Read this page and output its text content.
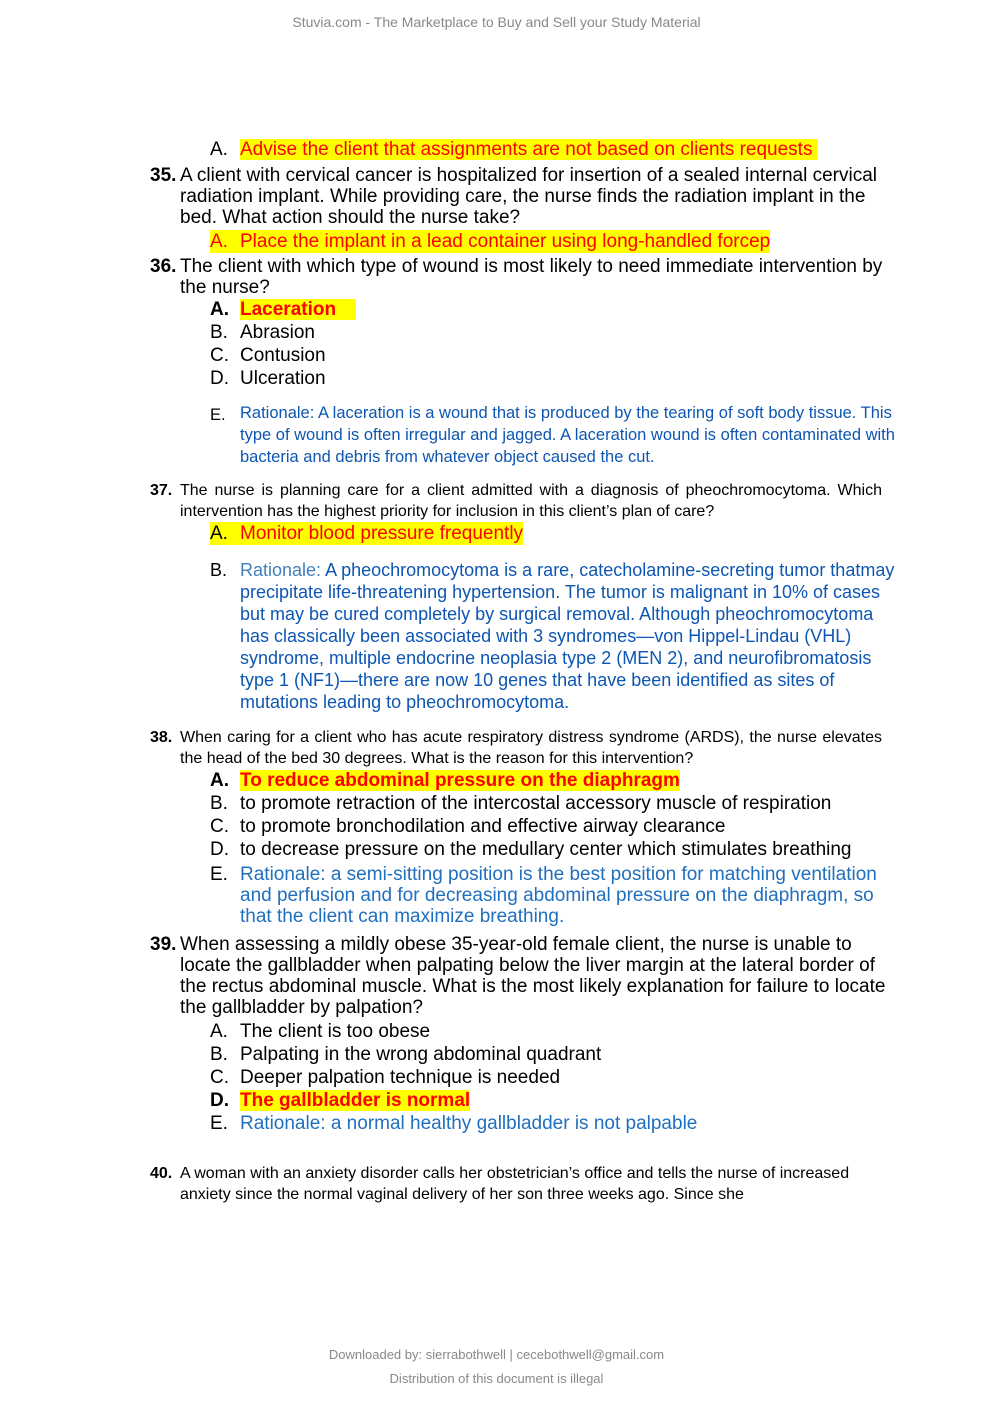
Stuvia.com - The Marketplace to Buy and Sell your Study Material
A. Advise the client that assignments are not based on clients requests
35. A client with cervical cancer is hospitalized for insertion of a sealed internal cervical radiation implant. While providing care, the nurse finds the radiation implant in the bed. What action should the nurse take?
A. Place the implant in a lead container using long-handled forcep
36. The client with which type of wound is most likely to need immediate intervention by the nurse?
A. Laceration
B. Abrasion
C. Contusion
D. Ulceration
E. Rationale: A laceration is a wound that is produced by the tearing of soft body tissue. This type of wound is often irregular and jagged. A laceration wound is often contaminated with bacteria and debris from whatever object caused the cut.
37. The nurse is planning care for a client admitted with a diagnosis of pheochromocytoma. Which intervention has the highest priority for inclusion in this client’s plan of care?
A. Monitor blood pressure frequently
B. Rationale: A pheochromocytoma is a rare, catecholamine-secreting tumor thatmay precipitate life-threatening hypertension. The tumor is malignant in 10% of cases but may be cured completely by surgical removal. Although pheochromocytoma has classically been associated with 3 syndromes—von Hippel-Lindau (VHL) syndrome, multiple endocrine neoplasia type 2 (MEN 2), and neurofibromatosis type 1 (NF1)—there are now 10 genes that have been identified as sites of mutations leading to pheochromocytoma.
38. When caring for a client who has acute respiratory distress syndrome (ARDS), the nurse elevates the head of the bed 30 degrees. What is the reason for this intervention?
A. To reduce abdominal pressure on the diaphragm
B. to promote retraction of the intercostal accessory muscle of respiration
C. to promote bronchodilation and effective airway clearance
D. to decrease pressure on the medullary center which stimulates breathing
E. Rationale: a semi-sitting position is the best position for matching ventilation and perfusion and for decreasing abdominal pressure on the diaphragm, so that the client can maximize breathing.
39. When assessing a mildly obese 35-year-old female client, the nurse is unable to locate the gallbladder when palpating below the liver margin at the lateral border of the rectus abdominal muscle. What is the most likely explanation for failure to locate the gallbladder by palpation?
A. The client is too obese
B. Palpating in the wrong abdominal quadrant
C. Deeper palpation technique is needed
D. The gallbladder is normal
E. Rationale: a normal healthy gallbladder is not palpable
40. A woman with an anxiety disorder calls her obstetrician’s office and tells the nurse of increased anxiety since the normal vaginal delivery of her son three weeks ago. Since she
Downloaded by: sierrabothwell | cecebothwell@gmail.com
Distribution of this document is illegal
